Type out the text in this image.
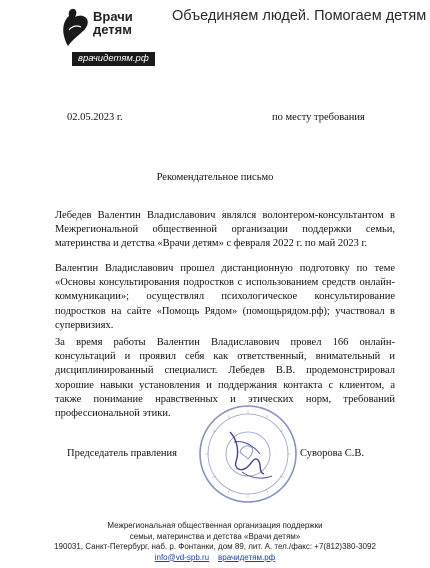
Врачи
детям
врачидетям.рф
Объединяем людей. Помогаем детям
02.05.2023 г.	по месту требования
Рекомендательное письмо
Лебедев Валентин Владиславович являлся волонтером-консультантом в Межрегиональной общественной организации поддержки семьи, материнства и детства «Врачи детям» с февраля 2022 г. по май 2023 г.
Валентин Владиславович прошел дистанционную подготовку по теме «Основы консультирования подростков с использованием средств онлайн-коммуникации»; осуществлял психологическое консультирование подростков на сайте «Помощь Рядом» (помощьрядом.рф); участвовал в супервизиях.
За время работы Валентин Владиславович провел 166 онлайн-консультаций и проявил себя как ответственный, внимательный и дисциплинированный специалист. Лебедев В.В. продемонстрировал хорошие навыки установления и поддержания контакта с клиентом, а также понимание нравственных и этических норм, требований профессиональной этики.
Председатель правления	Суворова С.В.
Межрегиональная общественная организация поддержки
семьи, материнства и детства «Врачи детям»
190031, Санкт-Петербург, наб. р. Фонтанки, дом 89, лит. А. тел./факс: +7(812)380-3092
info@vd-spb.ru врачидетям.рф
